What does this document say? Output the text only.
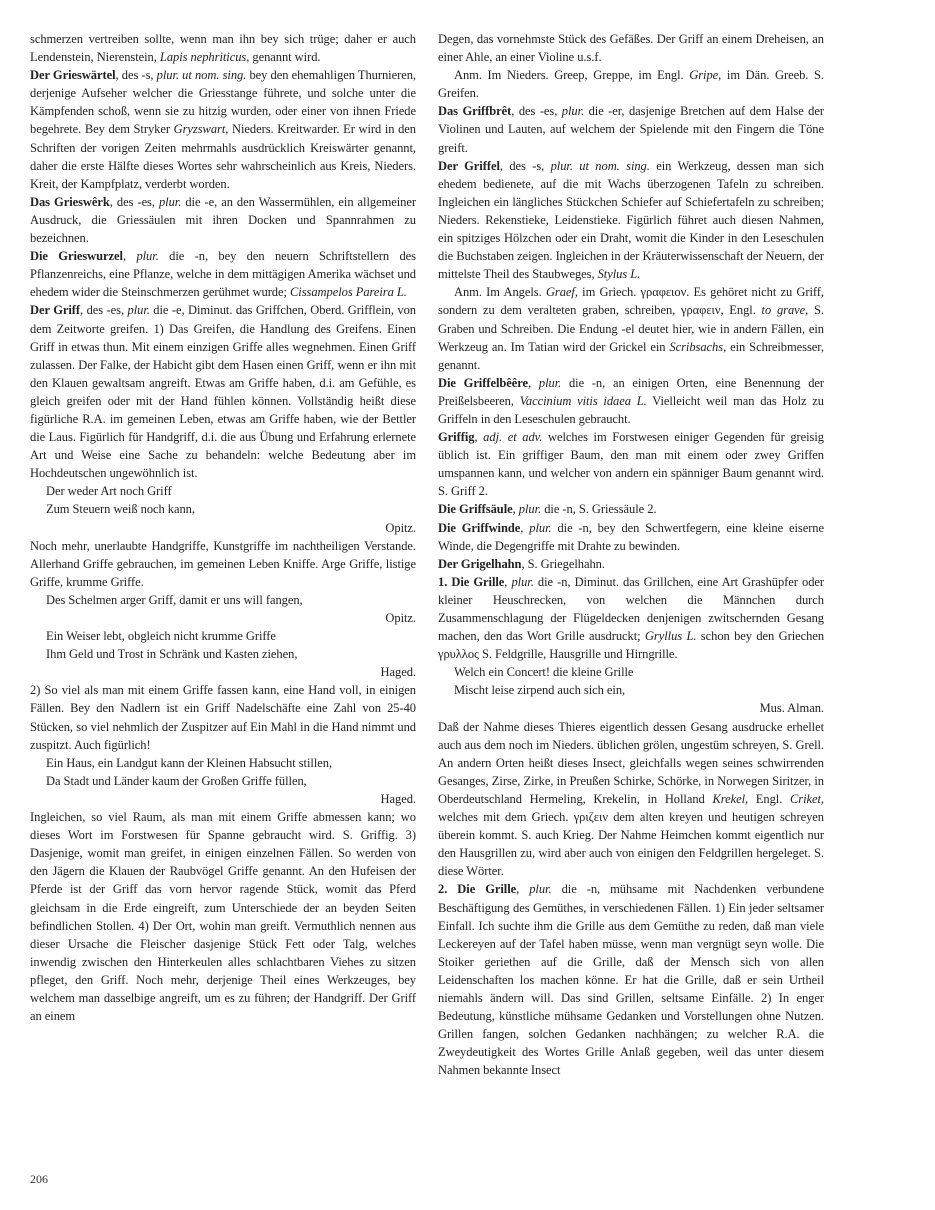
schmerzen vertreiben sollte, wenn man ihn bey sich trüge; daher er auch Lendenstein, Nierenstein, Lapis nephriticus, genannt wird.

Der Grieswärtel, des -s, plur. ut nom. sing. bey den ehemahligen Thurnieren, derjenige Aufseher welcher die Griesstange führete, und solche unter die Kämpfenden schoß, wenn sie zu hitzig wurden, oder einer von ihnen Friede begehrete. Bey dem Stryker Gryzswart, Nieders. Kreitwarder. Er wird in den Schriften der vorigen Zeiten mehrmahls ausdrücklich Kreiswärter genannt, daher die erste Hälfte dieses Wortes sehr wahrscheinlich aus Kreis, Nieders. Kreit, der Kampfplatz, verderbt worden.

Das Grieswêrk, des -es, plur. die -e, an den Wassermühlen, ein allgemeiner Ausdruck, die Griessäulen mit ihren Docken und Spannrahmen zu bezeichnen.

Die Grieswurzel, plur. die -n, bey den neuern Schriftstellern des Pflanzenreichs, eine Pflanze, welche in dem mittägigen Amerika wächset und ehedem wider die Steinschmerzen gerühmet wurde; Cissampelos Pareira L.

Der Griff, des -es, plur. die -e, Diminut. das Griffchen, Oberd. Grifflein, von dem Zeitworte greifen. 1) Das Greifen, die Handlung des Greifens. Einen Griff in etwas thun. Mit einem einzigen Griffe alles wegnehmen. Einen Griff zulassen. Der Falke, der Habicht gibt dem Hasen einen Griff, wenn er ihn mit den Klauen gewaltsam angreift. Etwas am Griffe haben, d.i. am Gefühle, es gleich greifen oder mit der Hand fühlen können. Vollständig heißt diese figürliche R.A. im gemeinen Leben, etwas am Griffe haben, wie der Bettler die Laus. Figürlich für Handgriff, d.i. die aus Übung und Erfahrung erlernete Art und Weise eine Sache zu behandeln: welche Bedeutung aber im Hochdeutschen ungewöhnlich ist.

Der weder Art noch Griff

Zum Steuern weiß noch kann,

Opitz.

Noch mehr, unerlaubte Handgriffe, Kunstgriffe im nachtheiligen Verstande. Allerhand Griffe gebrauchen, im gemeinen Leben Kniffe. Arge Griffe, listige Griffe, krumme Griffe.

Des Schelmen arger Griff, damit er uns will fangen,

Opitz.

Ein Weiser lebt, obgleich nicht krumme Griffe

Ihm Geld und Trost in Schränk und Kasten ziehen,

Haged.

2) So viel als man mit einem Griffe fassen kann, eine Hand voll, in einigen Fällen. Bey den Nadlern ist ein Griff Nadelschäfte eine Zahl von 25-40 Stücken, so viel nehmlich der Zuspitzer auf Ein Mahl in die Hand nimmt und zuspitzt. Auch figürlich!

Ein Haus, ein Landgut kann der Kleinen Habsucht stillen,

Da Stadt und Länder kaum der Großen Griffe füllen,

Haged.

Ingleichen, so viel Raum, als man mit einem Griffe abmessen kann; wo dieses Wort im Forstwesen für Spanne gebraucht wird. S. Griffig. 3) Dasjenige, womit man greifet, in einigen einzelnen Fällen. So werden von den Jägern die Klauen der Raubvögel Griffe genannt. An den Hufeisen der Pferde ist der Griff das vorn hervor ragende Stück, womit das Pferd gleichsam in die Erde eingreift, zum Unterschiede der an beyden Seiten befindlichen Stollen. 4) Der Ort, wohin man greift. Vermuthlich nennen aus dieser Ursache die Fleischer dasjenige Stück Fett oder Talg, welches inwendig zwischen den Hinterkeulen alles schlachtbaren Viehes zu sitzen pfleget, den Griff. Noch mehr, derjenige Theil eines Werkzeuges, bey welchem man dasselbige angreift, um es zu führen; der Handgriff. Der Griff an einem

Degen, das vornehmste Stück des Gefäßes. Der Griff an einem Dreheisen, an einer Ahle, an einer Violine u.s.f.

Anm. Im Nieders. Greep, Greppe, im Engl. Gripe, im Dän. Greeb. S. Greifen.

Das Griffbrêt, des -es, plur. die -er, dasjenige Bretchen auf dem Halse der Violinen und Lauten, auf welchem der Spielende mit den Fingern die Töne greift.

Der Griffel, des -s, plur. ut nom. sing. ein Werkzeug, dessen man sich ehedem bedienete, auf die mit Wachs überzogenen Tafeln zu schreiben. Ingleichen ein längliches Stückchen Schiefer auf Schiefertafeln zu schreiben; Nieders. Rekenstieke, Leidenstieke. Figürlich führet auch diesen Nahmen, ein spitziges Hölzchen oder ein Draht, womit die Kinder in den Leseschulen die Buchstaben zeigen. Ingleichen in der Kräuterwissenschaft der Neuern, der mittelste Theil des Staubweges, Stylus L.

Anm. Im Angels. Graef, im Griech. γραφειον. Es gehöret nicht zu Griff, sondern zu dem veralteten graben, schreiben, γραφειν, Engl. to grave, S. Graben und Schreiben. Die Endung -el deutet hier, wie in andern Fällen, ein Werkzeug an. Im Tatian wird der Grickel ein Scribsachs, ein Schreibmesser, genannt.

Die Griffelbêêre, plur. die -n, an einigen Orten, eine Benennung der Preißelsbeeren, Vaccinium vitis idaea L. Vielleicht weil man das Holz zu Griffeln in den Leseschulen gebraucht.

Griffig, adj. et adv. welches im Forstwesen einiger Gegenden für greisig üblich ist. Ein griffiger Baum, den man mit einem oder zwey Griffen umspannen kann, und welcher von andern ein spänniger Baum genannt wird. S. Griff 2.

Die Griffsäule, plur. die -n, S. Griessäule 2.

Die Griffwinde, plur. die -n, bey den Schwertfegern, eine kleine eiserne Winde, die Degengriffe mit Drahte zu bewinden.

Der Grigelhahn, S. Griegelhahn.

1. Die Grille, plur. die -n, Diminut. das Grillchen, eine Art Grashüpfer oder kleiner Heuschrecken, von welchen die Männchen durch Zusammenschlagung der Flügeldecken denjenigen zwitschernden Gesang machen, den das Wort Grille ausdruckt; Gryllus L. schon bey den Griechen γρυλλος S. Feldgrille, Hausgrille und Hirngrille.

Welch ein Concert! die kleine Grille

Mischt leise zirpend auch sich ein,

Mus. Alman.

Daß der Nahme dieses Thieres eigentlich dessen Gesang ausdrucke erhellet auch aus dem noch im Nieders. üblichen grölen, ungestüm schreyen, S. Grell. An andern Orten heißt dieses Insect, gleichfalls wegen seines schwirrenden Gesanges, Zirse, Zirke, in Preußen Schirke, Schörke, in Norwegen Siritzer, in Oberdeutschland Hermeling, Krekelin, in Holland Krekel, Engl. Criket, welches mit dem Griech. γριζειν dem alten kreyen und heutigen schreyen überein kommt. S. auch Krieg. Der Nahme Heimchen kommt eigentlich nur den Hausgrillen zu, wird aber auch von einigen den Feldgrillen hergeleget. S. diese Wörter.

2. Die Grille, plur. die -n, mühsame mit Nachdenken verbundene Beschäftigung des Gemüthes, in verschiedenen Fällen. 1) Ein jeder seltsamer Einfall. Ich suchte ihm die Grille aus dem Gemüthe zu reden, daß man viele Leckereyen auf der Tafel haben müsse, wenn man vergnügt seyn wolle. Die Stoiker geriethen auf die Grille, daß der Mensch sich von allen Leidenschaften los machen könne. Er hat die Grille, daß er sein Urtheil niemahls ändern will. Das sind Grillen, seltsame Einfälle. 2) In enger Bedeutung, künstliche mühsame Gedanken und Vorstellungen ohne Nutzen. Grillen fangen, solchen Gedanken nachhängen; zu welcher R.A. die Zweydeutigkeit des Wortes Grille Anlaß gegeben, weil das unter diesem Nahmen bekannte Insect

206
